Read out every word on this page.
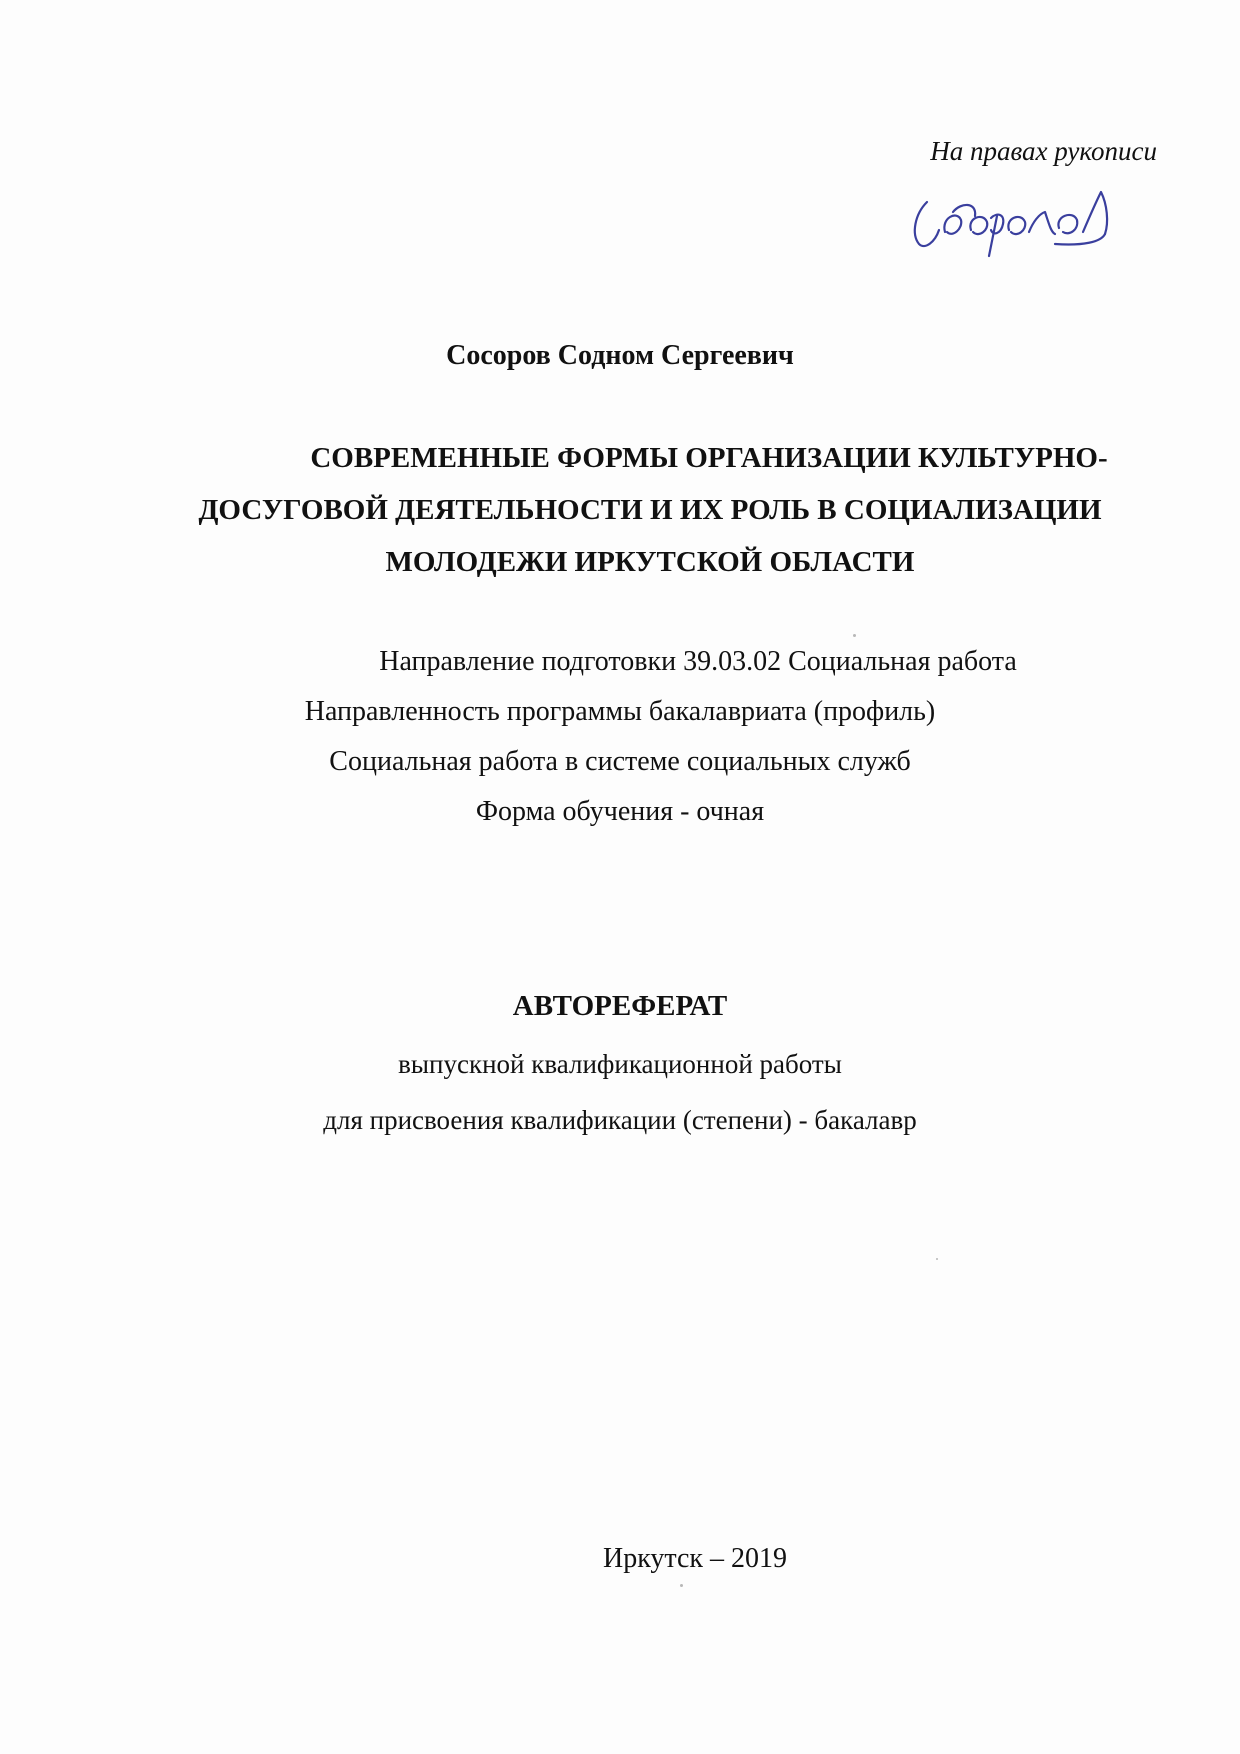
На правах рукописи
Сосоров Содном Сергеевич
СОВРЕМЕННЫЕ ФОРМЫ ОРГАНИЗАЦИИ КУЛЬТУРНО-
ДОСУГОВОЙ ДЕЯТЕЛЬНОСТИ И ИХ РОЛЬ В СОЦИАЛИЗАЦИИ
МОЛОДЕЖИ ИРКУТСКОЙ ОБЛАСТИ
Направление подготовки 39.03.02 Социальная работа
Направленность программы бакалавриата (профиль)
Социальная работа в системе социальных служб
Форма обучения - очная
АВТОРЕФЕРАТ
выпускной квалификационной работы
для присвоения квалификации (степени) - бакалавр
Иркутск – 2019
